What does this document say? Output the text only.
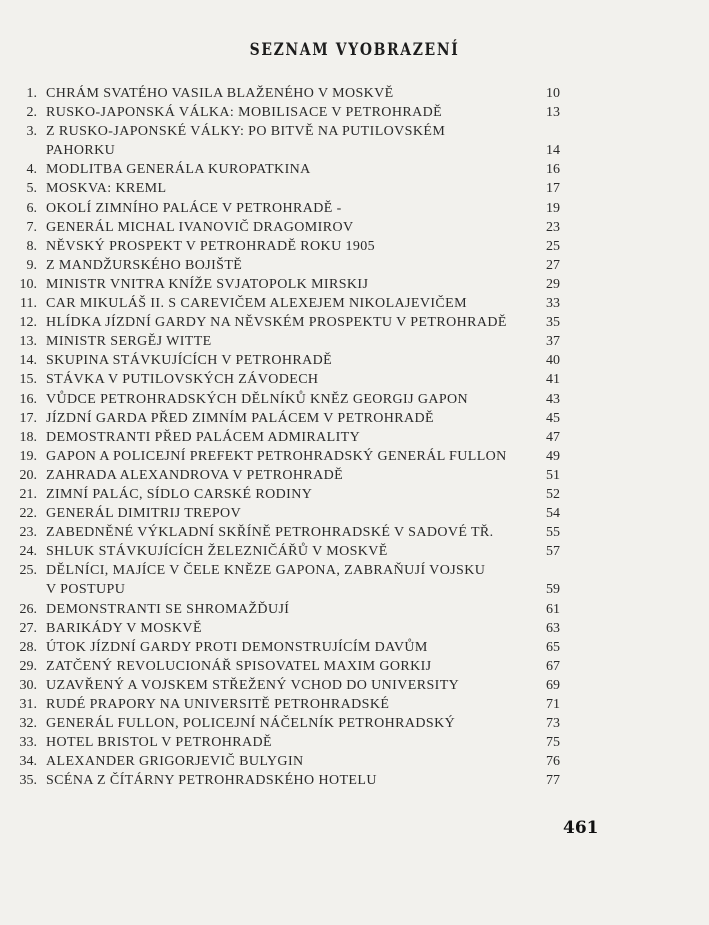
SEZNAM VYOBRAZENÍ
1. CHRÁM SVATÉHO VASILA BLAŽENÉHO V MOSKVĚ	10
2. RUSKO-JAPONSKÁ VÁLKA: MOBILISACE V PETROHRADĚ	13
3. Z RUSKO-JAPONSKÉ VÁLKY: PO BITVĚ NA PUTILOVSKÉM
PAHORKU	14
4. MODLITBA GENERÁLA KUROPATKINA	16
5. MOSKVA: KREML	17
6. OKOLÍ ZIMNÍHO PALÁCE V PETROHRADĚ -	19
7. GENERÁL MICHAL IVANOVIČ DRAGOMIROV	23
8. NĚVSKÝ PROSPEKT V PETROHRADĚ ROKU 1905	25
9. Z MANDŽURSKÉHO BOJIŠTĚ	27
10. MINISTR VNITRA KNÍŽE SVJATOPOLK MIRSKIJ	29
11. CAR MIKULÁŠ II. S CAREVIČEM ALEXEJEM NIKOLAJEVIČEM	33
12. HLÍDKA JÍZDNÍ GARDY NA NĚVSKÉM PROSPEKTU V PETROHRADĚ	35
13. MINISTR SERGĚJ WITTE	37
14. SKUPINA STÁVKUJÍCÍCH V PETROHRADĚ	40
15. STÁVKA V PUTILOVSKÝCH ZÁVODECH	41
16. VŮDCE PETROHRADSKÝCH DĚLNÍKŮ KNĚZ GEORGIJ GAPON	43
17. JÍZDNÍ GARDA PŘED ZIMNÍM PALÁCEM V PETROHRADĚ	45
18. DEMOSTRANTI PŘED PALÁCEM ADMIRALITY	47
19. GAPON A POLICEJNÍ PREFEKT PETROHRADSKÝ GENERÁL FULLON	49
20. ZAHRADA ALEXANDROVA V PETROHRADĚ	51
21. ZIMNÍ PALÁC, SÍDLO CARSKÉ RODINY	52
22. GENERÁL DIMITRIJ TREPOV	54
23. ZABEDNĚNÉ VÝKLADNÍ SKŘÍNĚ PETROHRADSKÉ V SADOVÉ TŘ.	55
24. SHLUK STÁVKUJÍCÍCH ŽELEZNIČÁŘŮ V MOSKVĚ	57
25. DĚLNÍCI, MAJÍCE V ČELE KNĚZE GAPONA, ZABRAŇUJÍ VOJSKU
V POSTUPU	59
26. DEMONSTRANTI SE SHROMAŽĎUJÍ	61
27. BARIKÁDY V MOSKVĚ	63
28. ÚTOK JÍZDNÍ GARDY PROTI DEMONSTRUJÍCÍM DAVŮM	65
29. ZATČENÝ REVOLUCIONÁŘ SPISOVATEL MAXIM GORKIJ	67
30. UZAVŘENÝ A VOJSKEM STŘEŽENÝ VCHOD DO UNIVERSITY	69
31. RUDÉ PRAPORY NA UNIVERSITĚ PETROHRADSKÉ	71
32. GENERÁL FULLON, POLICEJNÍ NÁČELNÍK PETROHRADSKÝ	73
33. HOTEL BRISTOL V PETROHRADĚ	75
34. ALEXANDER GRIGORJEVIČ BULYGIN	76
35. SCÉNA Z ČÍTÁRNY PETROHRADSKÉHO HOTELU	77
461
